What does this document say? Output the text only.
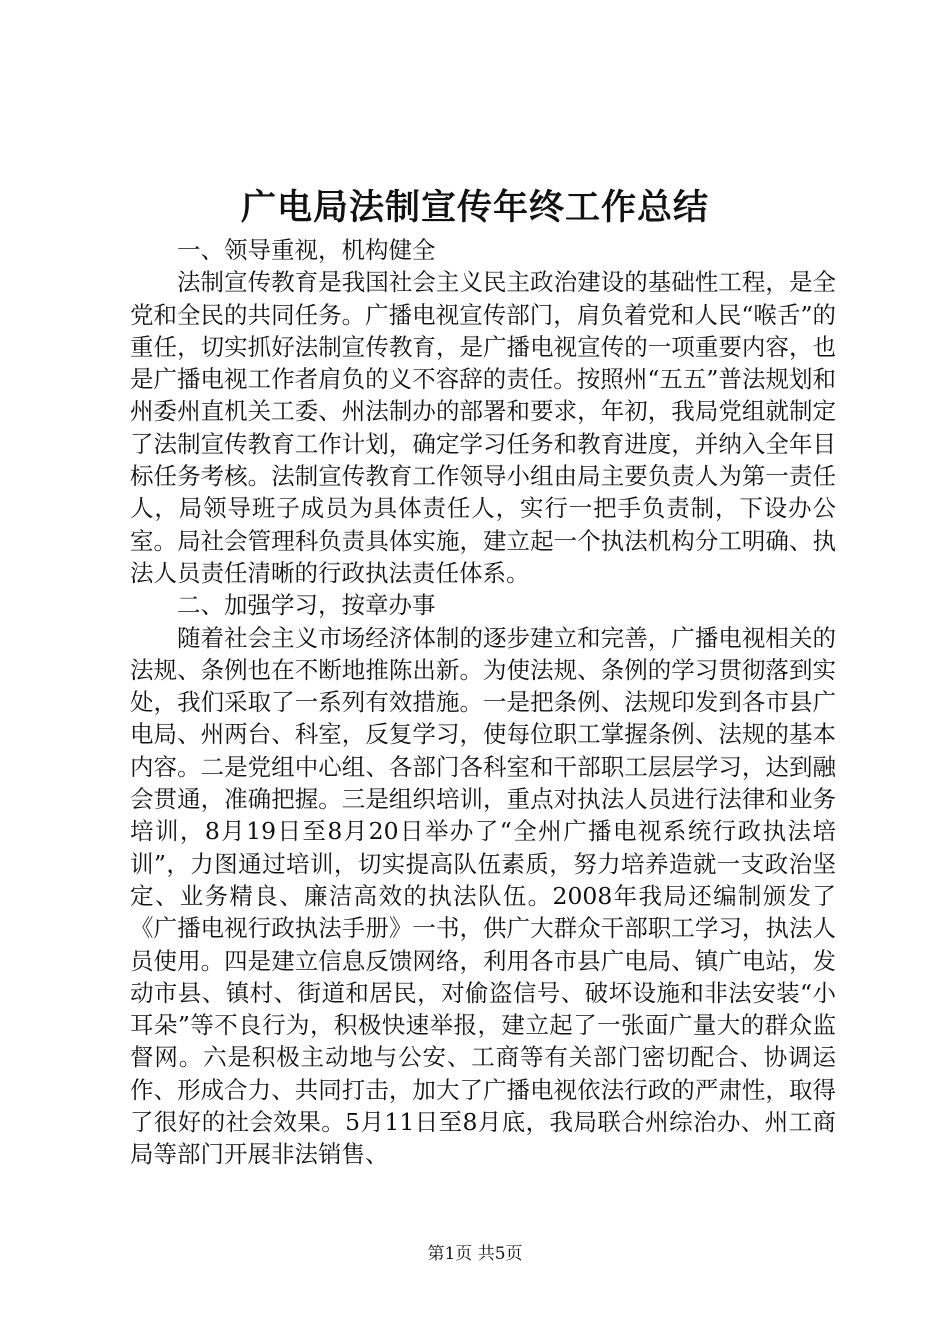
广电局法制宣传年终工作总结

一、领导重视，机构健全

法制宣传教育是我国社会主义民主政治建设的基础性工程，是全党和全民的共同任务。广播电视宣传部门，肩负着党和人民“喉舌”的重任，切实抓好法制宣传教育，是广播电视宣传的一项重要内容，也是广播电视工作者肩负的义不容辞的责任。按照州“五五”普法规划和州委州直机关工委、州法制办的部署和要求，年初，我局党组就制定了法制宣传教育工作计划，确定学习任务和教育进度，并纳入全年目标任务考核。法制宣传教育工作领导小组由局主要负责人为第一责任人，局领导班子成员为具体责任人，实行一把手负责制，下设办公室。局社会管理科负责具体实施，建立起一个执法机构分工明确、执法人员责任清晰的行政执法责任体系。

二、加强学习，按章办事

随着社会主义市场经济体制的逐步建立和完善，广播电视相关的法规、条例也在不断地推陈出新。为使法规、条例的学习贯彻落到实处，我们采取了一系列有效措施。一是把条例、法规印发到各市县广电局、州两台、科室，反复学习，使每位职工掌握条例、法规的基本内容。二是党组中心组、各部门各科室和干部职工层层学习，达到融会贯通，准确把握。三是组织培训，重点对执法人员进行法律和业务培训，8月19日至8月20日举办了“全州广播电视系统行政执法培训”，力图通过培训，切实提高队伍素质，努力培养造就一支政治坚定、业务精良、廉洁高效的执法队伍。2008年我局还编制颁发了《广播电视行政执法手册》一书，供广大群众干部职工学习，执法人员使用。四是建立信息反馈网络，利用各市县广电局、镇广电站，发动市县、镇村、街道和居民，对偷盗信号、破坏设施和非法安装“小耳朵”等不良行为，积极快速举报，建立起了一张面广量大的群众监督网。六是积极主动地与公安、工商等有关部门密切配合、协调运作、形成合力、共同打击，加大了广播电视依法行政的严肃性，取得了很好的社会效果。5月11日至8月底，我局联合州综治办、州工商局等部门开展非法销售、

第1页 共5页
